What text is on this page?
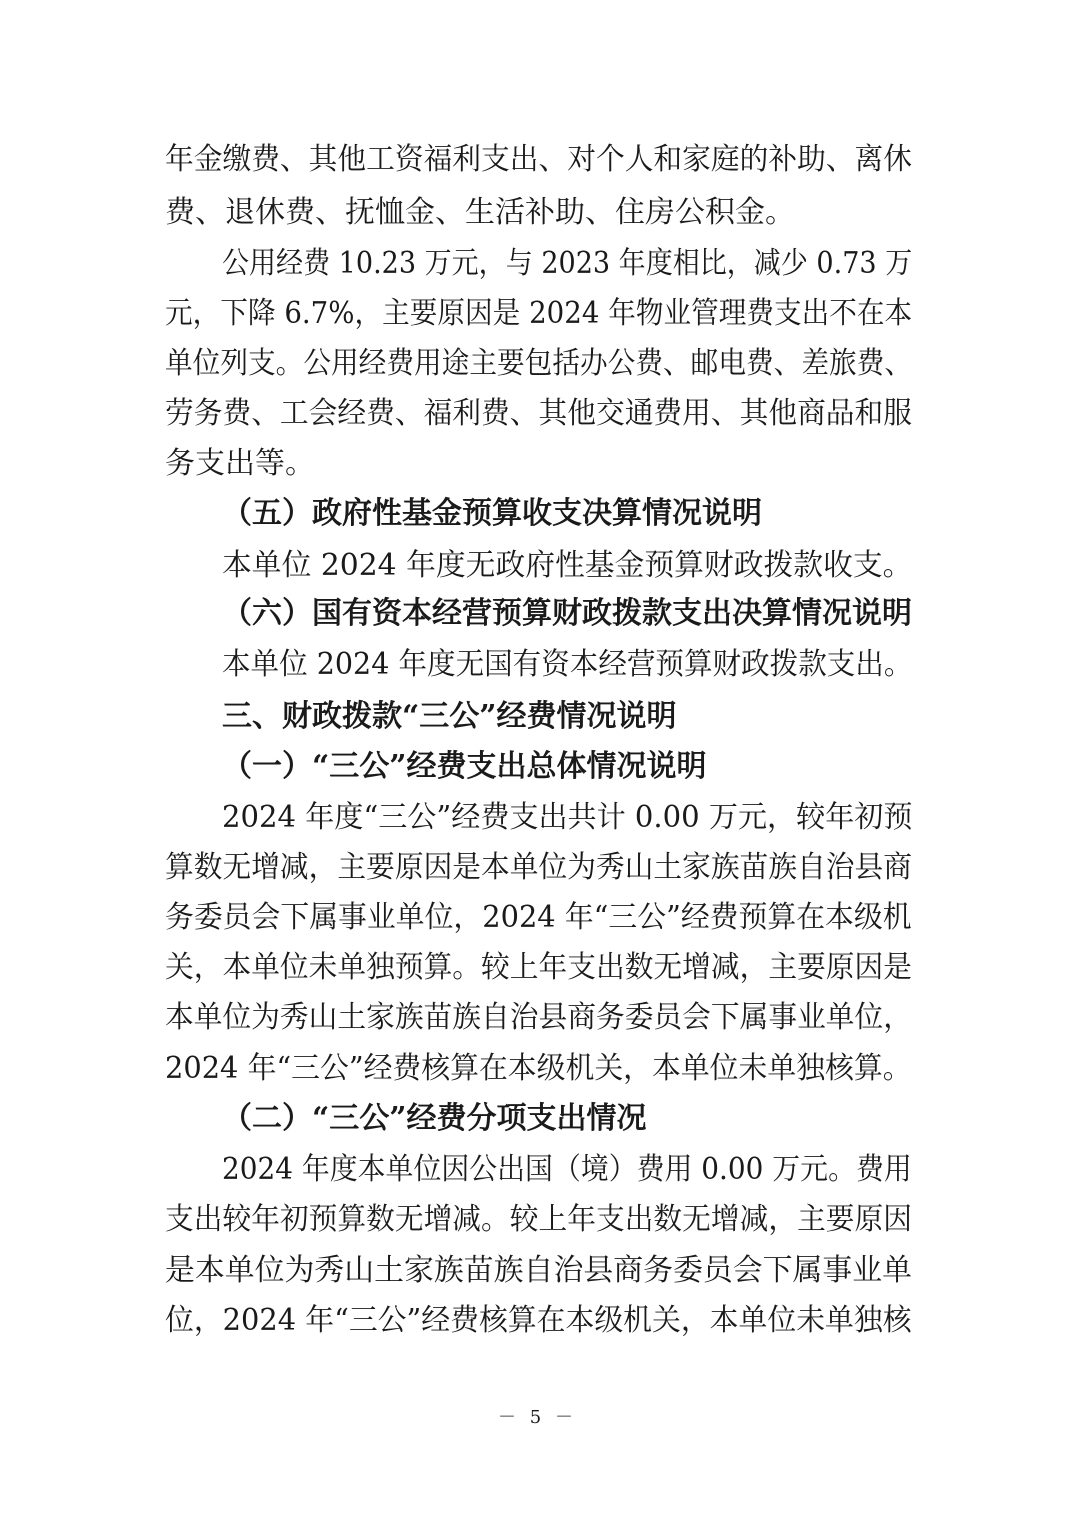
年金缴费、其他工资福利支出、对个人和家庭的补助、离休
费、退休费、抚恤金、生活补助、住房公积金。
公用经费 10.23 万元，与 2023 年度相比，减少 0.73 万
元，下降 6.7%，主要原因是 2024 年物业管理费支出不在本
单位列支。公用经费用途主要包括办公费、邮电费、差旅费、
劳务费、工会经费、福利费、其他交通费用、其他商品和服
务支出等。
（五）政府性基金预算收支决算情况说明
本单位 2024 年度无政府性基金预算财政拨款收支。
（六）国有资本经营预算财政拨款支出决算情况说明
本单位 2024 年度无国有资本经营预算财政拨款支出。
三、财政拨款“三公”经费情况说明
（一）“三公”经费支出总体情况说明
2024 年度“三公”经费支出共计 0.00 万元，较年初预
算数无增减，主要原因是本单位为秀山土家族苗族自治县商
务委员会下属事业单位，2024 年“三公”经费预算在本级机
关，本单位未单独预算。较上年支出数无增减，主要原因是
本单位为秀山土家族苗族自治县商务委员会下属事业单位，
2024 年“三公”经费核算在本级机关，本单位未单独核算。
（二）“三公”经费分项支出情况
2024 年度本单位因公出国（境）费用 0.00 万元。费用
支出较年初预算数无增减。较上年支出数无增减，主要原因
是本单位为秀山土家族苗族自治县商务委员会下属事业单
位，2024 年“三公”经费核算在本级机关，本单位未单独核
－ 5 －
